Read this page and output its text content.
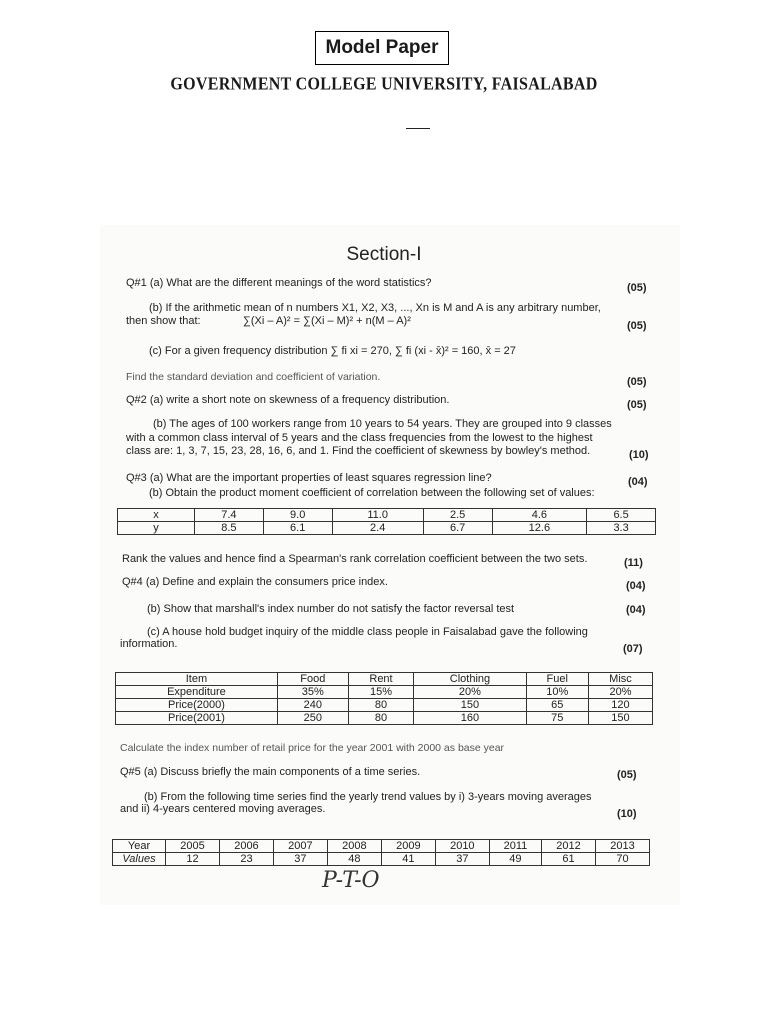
Model Paper
GOVERNMENT COLLEGE UNIVERSITY, FAISALABAD
Section-I
Q#1 (a) What are the different meanings of the word statistics?	(05)
(b) If the arithmetic mean of n numbers X1, X2, X3, ..., Xn is M and A is any arbitrary number,
then show that:	∑(Xi – A)² = ∑(Xi – M)² + n(M – A)²	(05)
(c) For a given frequency distribution ∑ fi xi = 270, ∑ fi (xi - x̄)² = 160, x̄ = 27
Find the standard deviation and coefficient of variation.	(05)
Q#2 (a) write a short note on skewness of a frequency distribution.	(05)
(b) The ages of 100 workers range from 10 years to 54 years. They are grouped into 9 classes
with a common class interval of 5 years and the class frequencies from the lowest to the highest
class are: 1, 3, 7, 15, 23, 28, 16, 6, and 1. Find the coefficient of skewness by bowley's method.	(10)
Q#3 (a) What are the important properties of least squares regression line?	(04)
(b) Obtain the product moment coefficient of correlation between the following set of values:
x	7.4	9.0	11.0	2.5	4.6	6.5
y	8.5	6.1	2.4	6.7	12.6	3.3
Rank the values and hence find a Spearman's rank correlation coefficient between the two sets.	(11)
Q#4 (a) Define and explain the consumers price index.	(04)
(b) Show that marshall's index number do not satisfy the factor reversal test	(04)
(c) A house hold budget inquiry of the middle class people in Faisalabad gave the following
information.	(07)
Item	Food	Rent	Clothing	Fuel	Misc
Expenditure	35%	15%	20%	10%	20%
Price(2000)	240	80	150	65	120
Price(2001)	250	80	160	75	150
Calculate the index number of retail price for the year 2001 with 2000 as base year
Q#5 (a) Discuss briefly the main components of a time series.	(05)
(b) From the following time series find the yearly trend values by i) 3-years moving averages
and ii) 4-years centered moving averages.	(10)
Year	2005	2006	2007	2008	2009	2010	2011	2012	2013
Values	12	23	37	48	41	37	49	61	70
P-T-O
